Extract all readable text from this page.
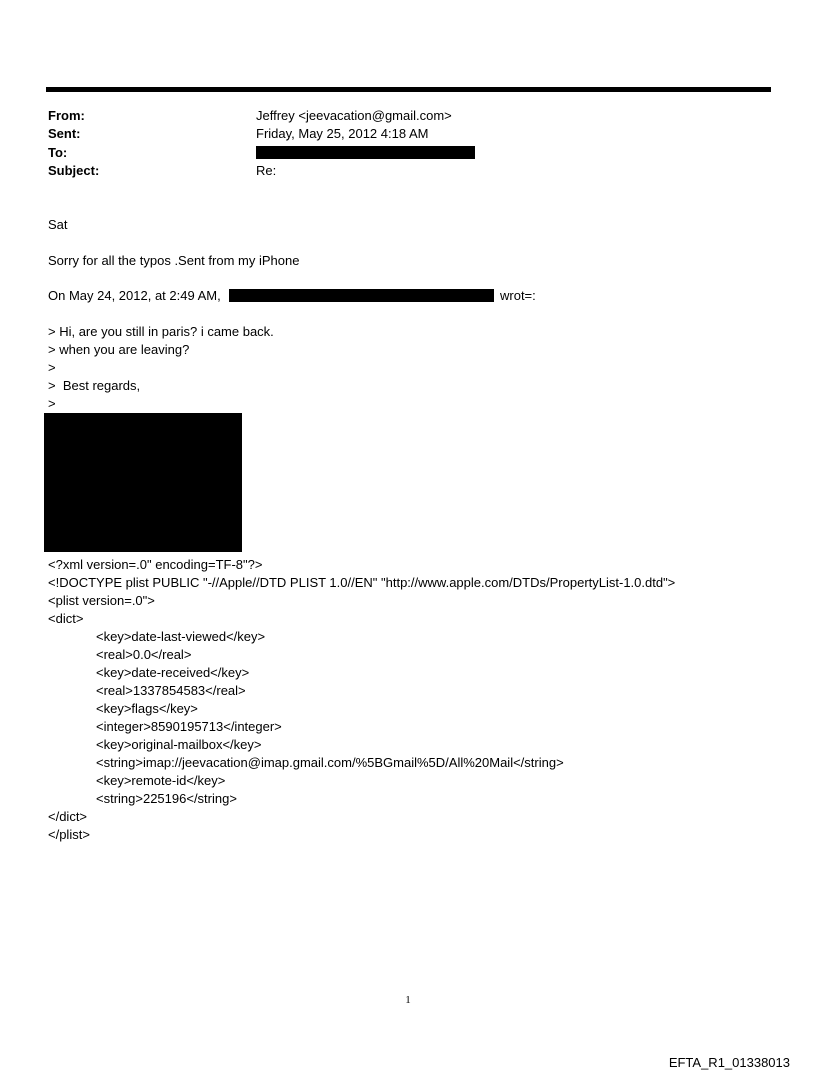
From:	Jeffrey <jeevacation@gmail.com>
Sent:	Friday, May 25, 2012 4:18 AM
To:
Subject:	Re:
Sat
Sorry for all the typos .Sent from my iPhone
On May 24, 2012, at 2:49 AM,	wrot=:
> Hi, are you still in paris? i came back.
> when you are leaving?
>
>  Best regards,
>
<?xml version=.0" encoding=TF-8"?>
<!DOCTYPE plist PUBLIC "-//Apple//DTD PLIST 1.0//EN" "http://www.apple.com/DTDs/PropertyList-1.0.dtd">
<plist version=.0">
<dict>
<key>date-last-viewed</key>
<real>0.0</real>
<key>date-received</key>
<real>1337854583</real>
<key>flags</key>
<integer>8590195713</integer>
<key>original-mailbox</key>
<string>imap://jeevacation@imap.gmail.com/%5BGmail%5D/All%20Mail</string>
<key>remote-id</key>
<string>225196</string>
</dict>
</plist>
1
EFTA_R1_01338013
